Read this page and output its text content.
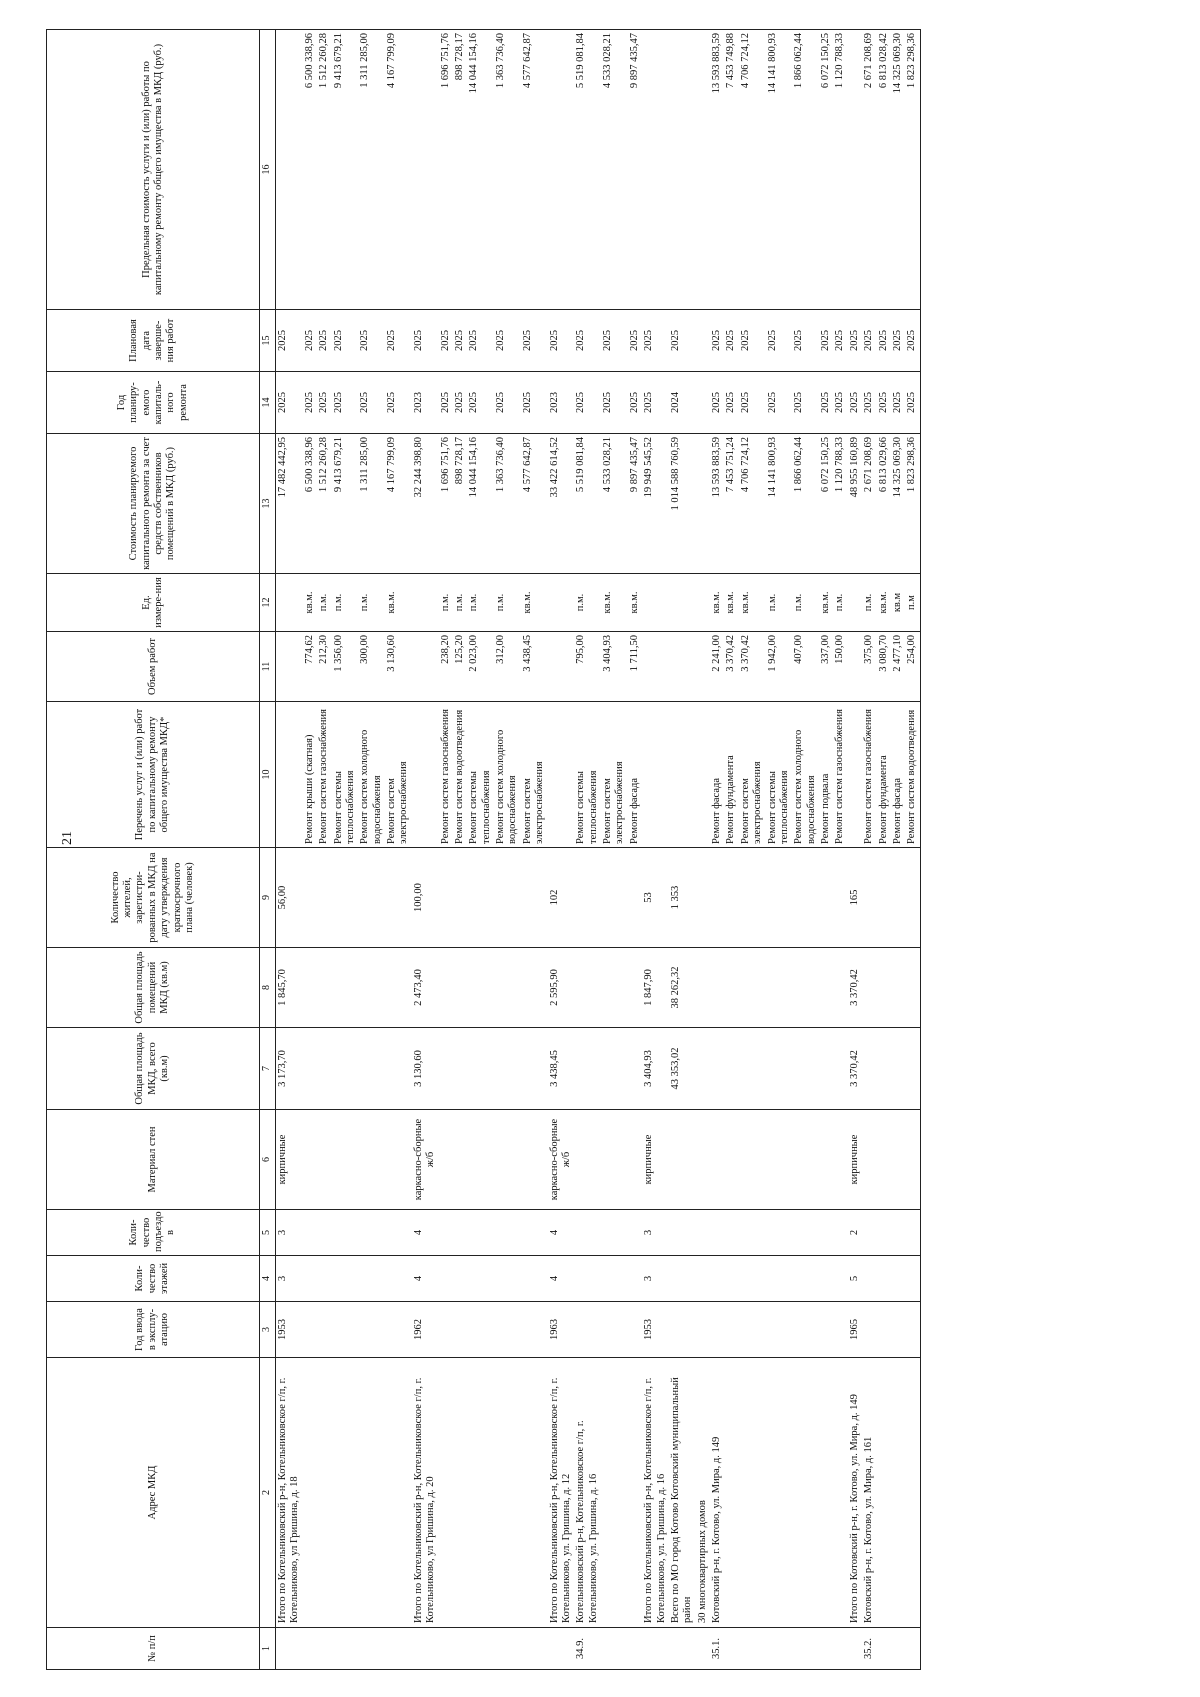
21
№ п/п	Адрес МКД	Год ввода в эксплу-атацию	Коли-чество этажей	Коли-чество подъездо в	Материал стен	Общая площадь МКД, всего (кв.м)	Общая площадь помещений МКД (кв.м)	Количество жителей, зарегистри-рованных в МКД на дату утверждения краткосрочного плана (человек)	Перечень услуг и (или) работ по капитальному ремонту общего имущества МКД*	Объем работ	Ед. измере-ния	Стоимость планируемого капитального ремонта за счет средств собственников помещений в МКД (руб.)	Год планиру-емого капиталь-ного ремонта	Плановая дата заверше-ния работ	Предельная стоимость услуги и (или) работы по капитальному ремонту общего имущества в МКД (руб.)
1	2	3	4	5	6	7	8	9	10	11	12	13	14	15	16
	Итого по Котельниковский р-н, Котельниковское г/п, г. Котельниково, ул Гришина, д. 18	1953	3	3	кирпичные	3 173,70	1 845,70	56,00				17 482 442,95	2025	2025	
									Ремонт крыши (скатная)	774,62	кв.м.	6 500 338,96	2025	2025	6 500 338,96
									Ремонт систем газоснабжения	212,30	п.м.	1 512 260,28	2025	2025	1 512 260,28
									Ремонт системы теплоснабжения	1 356,00	п.м.	9 413 679,21	2025	2025	9 413 679,21
									Ремонт систем холодного водоснабжения	300,00	п.м.	1 311 285,00	2025	2025	1 311 285,00
									Ремонт систем электроснабжения	3 130,60	кв.м.	4 167 799,09	2025	2025	4 167 799,09
	Итого по Котельниковский р-н, Котельниковское г/п, г. Котельниково, ул Гришина, д. 20	1962	4	4	каркасно-сборные ж/б	3 130,60	2 473,40	100,00				32 244 398,80	2023	2025	
									Ремонт систем газоснабжения	238,20	п.м.	1 696 751,76	2025	2025	1 696 751,76
									Ремонт систем водоотведения	125,20	п.м.	898 728,17	2025	2025	898 728,17
									Ремонт системы теплоснабжения	2 023,00	п.м.	14 044 154,16	2025	2025	14 044 154,16
									Ремонт систем холодного водоснабжения	312,00	п.м.	1 363 736,40	2025	2025	1 363 736,40
									Ремонт систем электроснабжения	3 438,45	кв.м.	4 577 642,87	2025	2025	4 577 642,87
	Итого по Котельниковский р-н, Котельниковское г/п, г. Котельниково, ул. Гришина, д. 12	1963	4	4	каркасно-сборные ж/б	3 438,45	2 595,90	102				33 422 614,52	2023	2025	
34.9.	Котельниковский р-н, Котельниковское г/п, г. Котельниково, ул. Гришина, д. 16								Ремонт системы теплоснабжения	795,00	п.м.	5 519 081,84	2025	2025	5 519 081,84
									Ремонт систем электроснабжения	3 404,93	кв.м.	4 533 028,21	2025	2025	4 533 028,21
									Ремонт фасада	1 711,50	кв.м.	9 897 435,47	2025	2025	9 897 435,47
	Итого по Котельниковский р-н, Котельниковское г/п, г. Котельниково, ул. Гришина, д. 16	1953	3	3	кирпичные	3 404,93	1 847,90	53				19 949 545,52	2025	2025	
	Всего по МО город Котово Котовский муниципальный район					43 353,02	38 262,32	1 353				1 014 588 760,59	2024	2025	
	30 многоквартирных домов														
35.1.	Котовский р-н, г. Котово, ул. Мира, д. 149								Ремонт фасада	2 241,00	кв.м.	13 593 883,59	2025	2025	13 593 883,59
									Ремонт фундамента	3 370,42	кв.м.	7 453 751,24	2025	2025	7 453 749,88
									Ремонт систем электроснабжения	3 370,42	кв.м.	4 706 724,12	2025	2025	4 706 724,12
									Ремонт системы теплоснабжения	1 942,00	п.м.	14 141 800,93	2025	2025	14 141 800,93
									Ремонт систем холодного водоснабжения	407,00	п.м.	1 866 062,44	2025	2025	1 866 062,44
									Ремонт подвала	337,00	кв.м.	6 072 150,25	2025	2025	6 072 150,25
									Ремонт систем газоснабжения	150,00	п.м.	1 120 788,33	2025	2025	1 120 788,33
	Итого по Котовский р-н, г. Котово, ул. Мира, д. 149	1965	5	2	кирпичные	3 370,42	3 370,42	165				48 955 160,89	2025	2025	
35.2.	Котовский р-н, г. Котово, ул. Мира, д. 161								Ремонт систем газоснабжения	375,00	п.м.	2 671 208,69	2025	2025	2 671 208,69
									Ремонт фундамента	3 080,70	кв.м.	6 813 029,66	2025	2025	6 813 028,42
									Ремонт фасада	2 477,10	кв.м	14 325 069,30	2025	2025	14 325 069,30
									Ремонт систем водоотведения	254,00	п.м	1 823 298,36	2025	2025	1 823 298,36
